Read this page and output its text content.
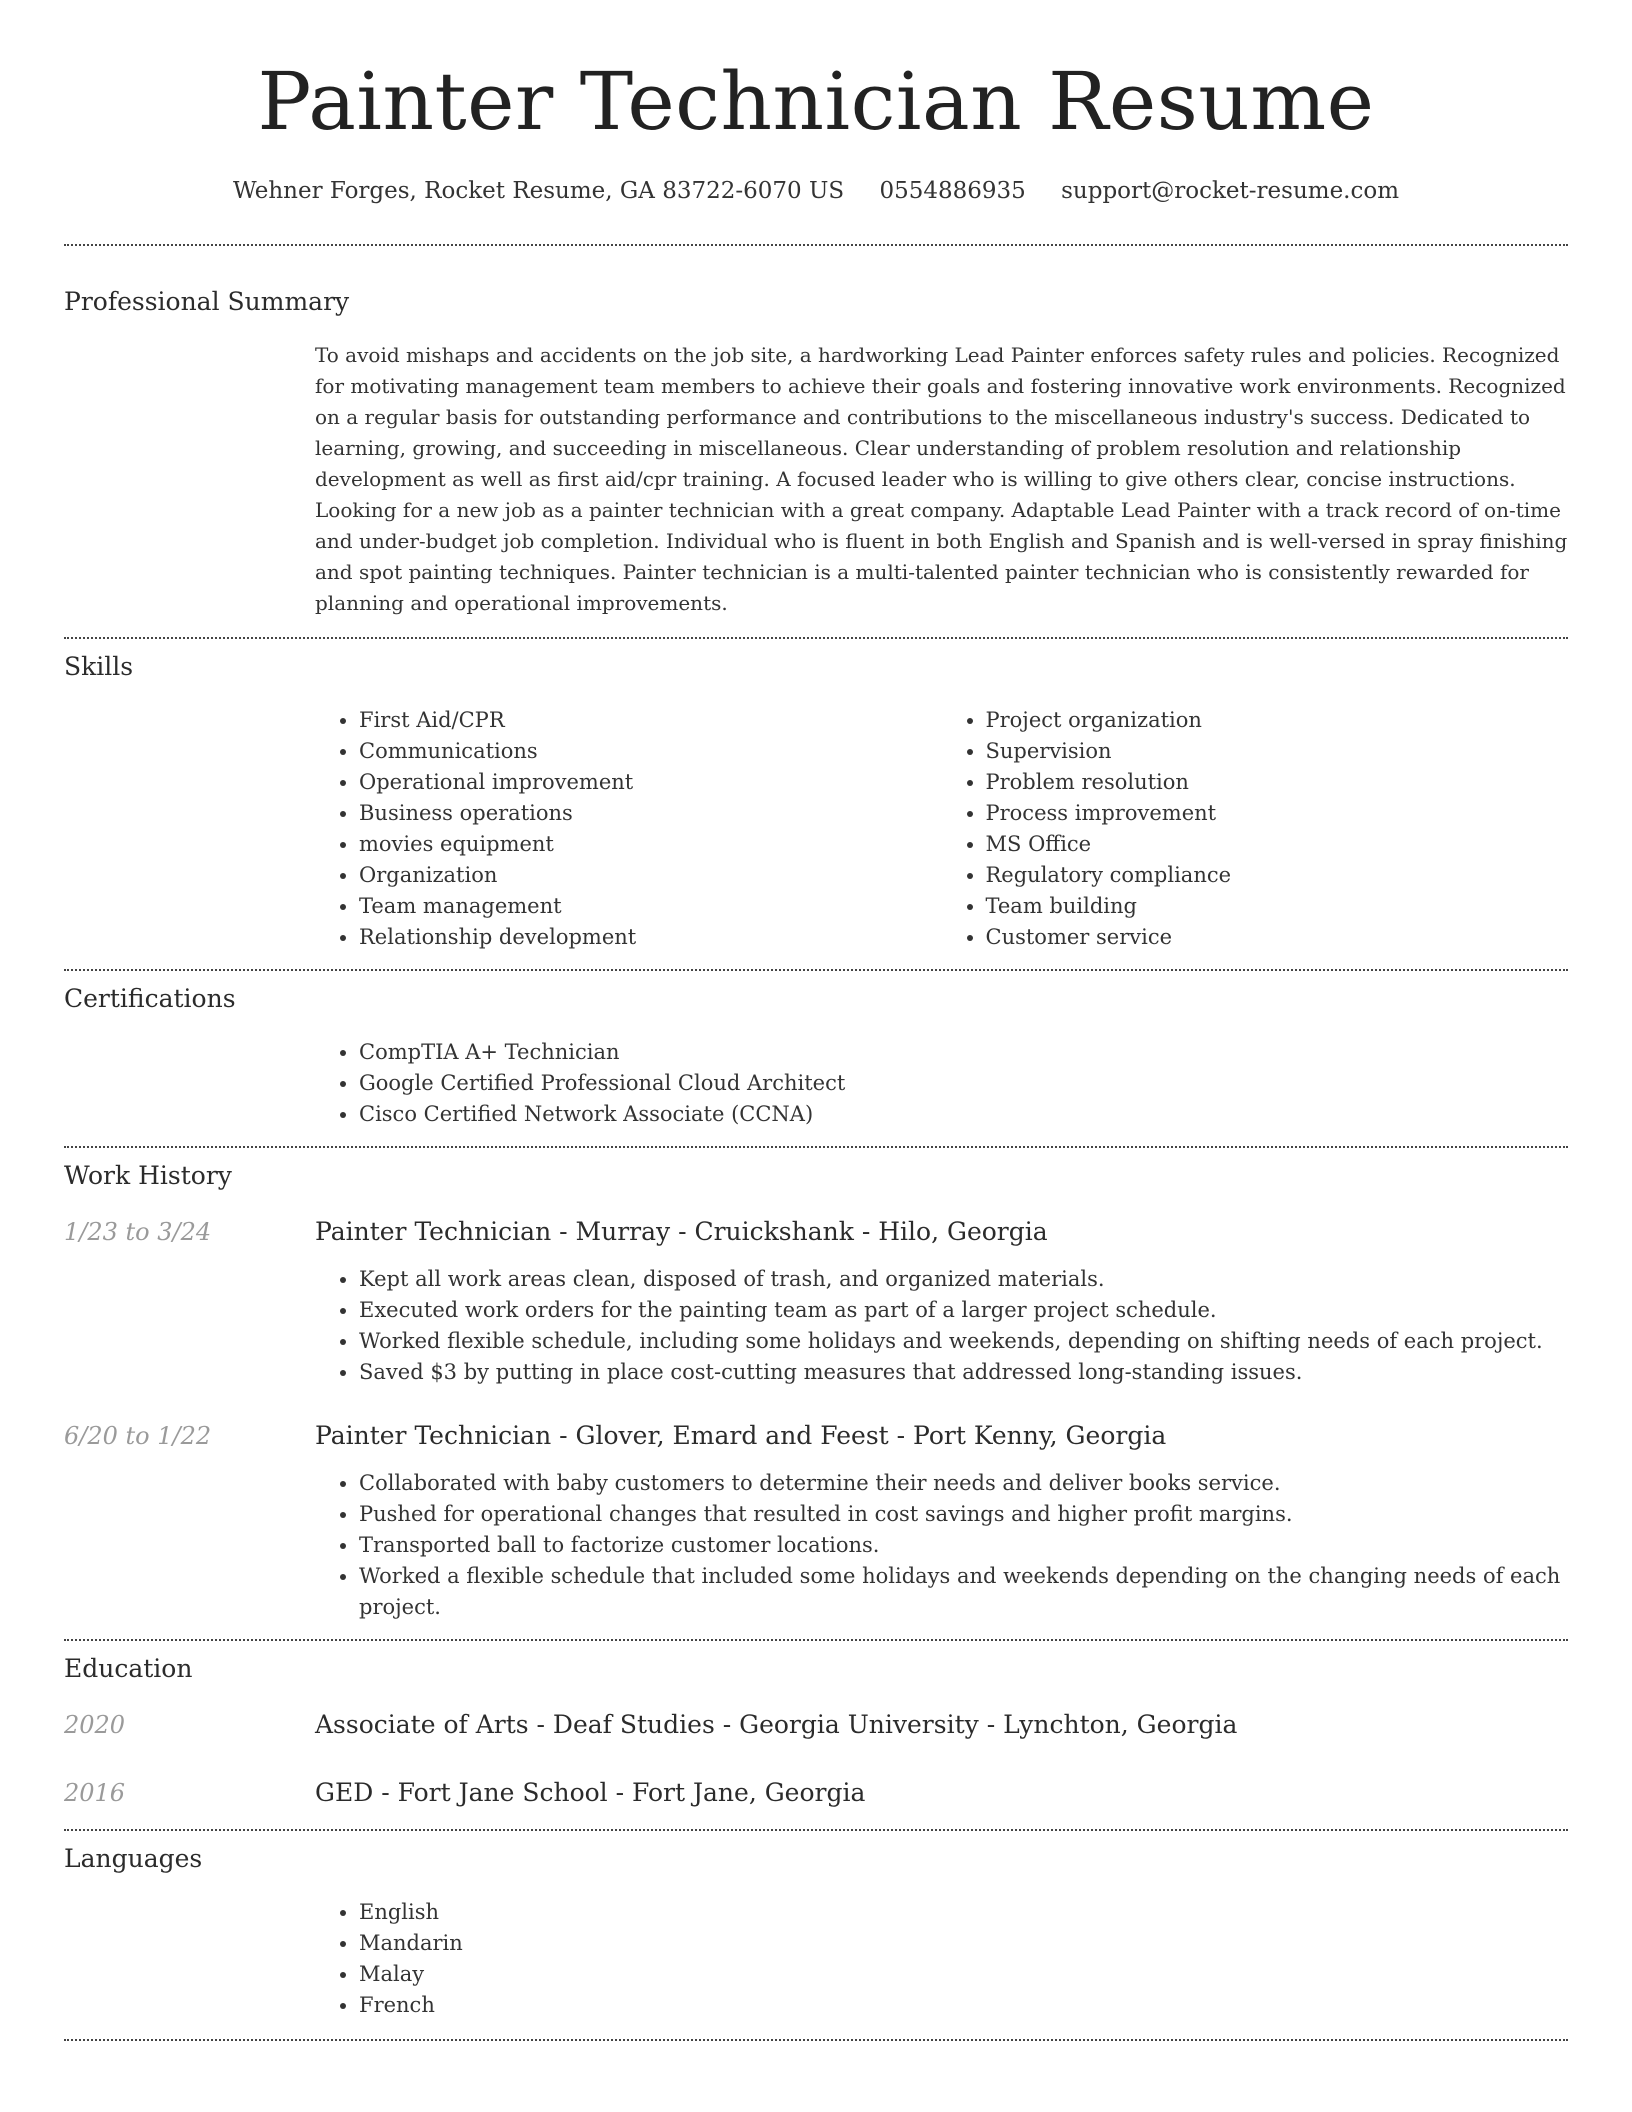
Painter Technician Resume
Wehner Forges, Rocket Resume, GA 83722-6070 US 0554886935 support@rocket-resume.com
Professional Summary

To avoid mishaps and accidents on the job site, a hardworking Lead Painter enforces safety rules and policies. Recognized for motivating management team members to achieve their goals and fostering innovative work environments. Recognized on a regular basis for outstanding performance and contributions to the miscellaneous industry's success. Dedicated to learning, growing, and succeeding in miscellaneous. Clear understanding of problem resolution and relationship development as well as first aid/cpr training. A focused leader who is willing to give others clear, concise instructions. Looking for a new job as a painter technician with a great company. Adaptable Lead Painter with a track record of on-time and under-budget job completion. Individual who is fluent in both English and Spanish and is well-versed in spray finishing and spot painting techniques. Painter technician is a multi-talented painter technician who is consistently rewarded for planning and operational improvements.

Skills
• First Aid/CPR
• Communications
• Operational improvement
• Business operations
• movies equipment
• Organization
• Team management
• Relationship development
• Project organization
• Supervision
• Problem resolution
• Process improvement
• MS Office
• Regulatory compliance
• Team building
• Customer service
Certifications
• CompTIA A+ Technician
• Google Certified Professional Cloud Architect
• Cisco Certified Network Associate (CCNA)
Work History
1/23 to 3/24	Painter Technician - Murray - Cruickshank - Hilo, Georgia
• Kept all work areas clean, disposed of trash, and organized materials.
• Executed work orders for the painting team as part of a larger project schedule.
• Worked flexible schedule, including some holidays and weekends, depending on shifting needs of each project.
• Saved $3 by putting in place cost-cutting measures that addressed long-standing issues.
6/20 to 1/22	Painter Technician - Glover, Emard and Feest - Port Kenny, Georgia
• Collaborated with baby customers to determine their needs and deliver books service.
• Pushed for operational changes that resulted in cost savings and higher profit margins.
• Transported ball to factorize customer locations.
• Worked a flexible schedule that included some holidays and weekends depending on the changing needs of each project.
Education
2020	Associate of Arts - Deaf Studies - Georgia University - Lynchton, Georgia
2016	GED - Fort Jane School - Fort Jane, Georgia
Languages
• English
• Mandarin
• Malay
• French
